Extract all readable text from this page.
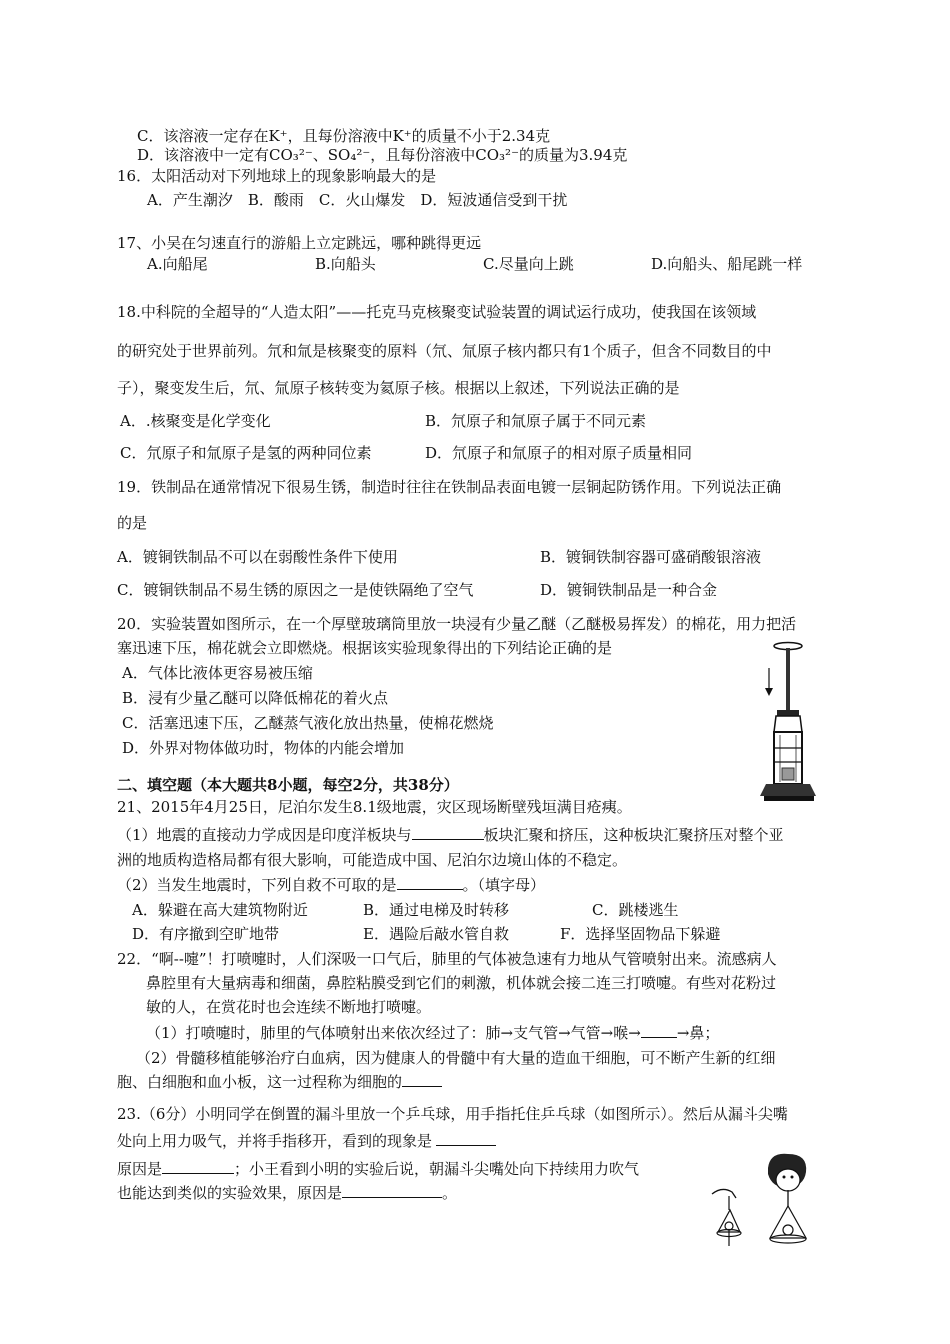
C．该溶液一定存在K⁺，且每份溶液中K⁺的质量不小于2.34克
D．该溶液中一定有CO₃²⁻、SO₄²⁻，且每份溶液中CO₃²⁻的质量为3.94克
16．太阳活动对下列地球上的现象影响最大的是
A．产生潮汐　B．酸雨　C．火山爆发　D．短波通信受到干扰
17、小吴在匀速直行的游船上立定跳远，哪种跳得更远
A.向船尾	B.向船头	C.尽量向上跳	D.向船头、船尾跳一样
18.中科院的全超导的“人造太阳”——托克马克核聚变试验装置的调试运行成功，使我国在该领域
的研究处于世界前列。氘和氚是核聚变的原料（氘、氚原子核内都只有1个质子，但含不同数目的中
子），聚变发生后，氘、氚原子核转变为氦原子核。根据以上叙述，下列说法正确的是
A．.核聚变是化学变化	B．氘原子和氚原子属于不同元素
C．氘原子和氚原子是氢的两种同位素	D．氘原子和氚原子的相对原子质量相同
19．铁制品在通常情况下很易生锈，制造时往往在铁制品表面电镀一层铜起防锈作用。下列说法正确
的是
A．镀铜铁制品不可以在弱酸性条件下使用	B．镀铜铁制容器可盛硝酸银溶液
C．镀铜铁制品不易生锈的原因之一是使铁隔绝了空气	D．镀铜铁制品是一种合金
20．实验装置如图所示，在一个厚壁玻璃筒里放一块浸有少量乙醚（乙醚极易挥发）的棉花，用力把活
塞迅速下压，棉花就会立即燃烧。根据该实验现象得出的下列结论正确的是
A．气体比液体更容易被压缩
B．浸有少量乙醚可以降低棉花的着火点
C．活塞迅速下压，乙醚蒸气液化放出热量，使棉花燃烧
D．外界对物体做功时，物体的内能会增加
二、填空题（本大题共8小题，每空2分，共38分）
21、2015年4月25日，尼泊尔发生8.1级地震，灾区现场断壁残垣满目疮痍。
（1）地震的直接动力学成因是印度洋板块与	板块汇聚和挤压，这种板块汇聚挤压对整个亚
洲的地质构造格局都有很大影响，可能造成中国、尼泊尔边境山体的不稳定。
（2）当发生地震时，下列自救不可取的是	。（填字母）
A．躲避在高大建筑物附近	B．通过电梯及时转移	C．跳楼逃生
D．有序撤到空旷地带	E．遇险后敲水管自救	F．选择坚固物品下躲避
22．“啊--嚏”！打喷嚏时，人们深吸一口气后，肺里的气体被急速有力地从气管喷射出来。流感病人
鼻腔里有大量病毒和细菌，鼻腔粘膜受到它们的刺激，机体就会接二连三打喷嚏。有些对花粉过
敏的人，在赏花时也会连续不断地打喷嚏。
（1）打喷嚏时，肺里的气体喷射出来依次经过了：肺→支气管→气管→喉→ →鼻；
（2）骨髓移植能够治疗白血病，因为健康人的骨髓中有大量的造血干细胞，可不断产生新的红细
胞、白细胞和血小板，这一过程称为细胞的
23.（6分）小明同学在倒置的漏斗里放一个乒乓球，用手指托住乒乓球（如图所示）。然后从漏斗尖嘴
处向上用力吸气，并将手指移开，看到的现象是
原因是	；小王看到小明的实验后说，朝漏斗尖嘴处向下持续用力吹气
也能达到类似的实验效果，原因是	。
